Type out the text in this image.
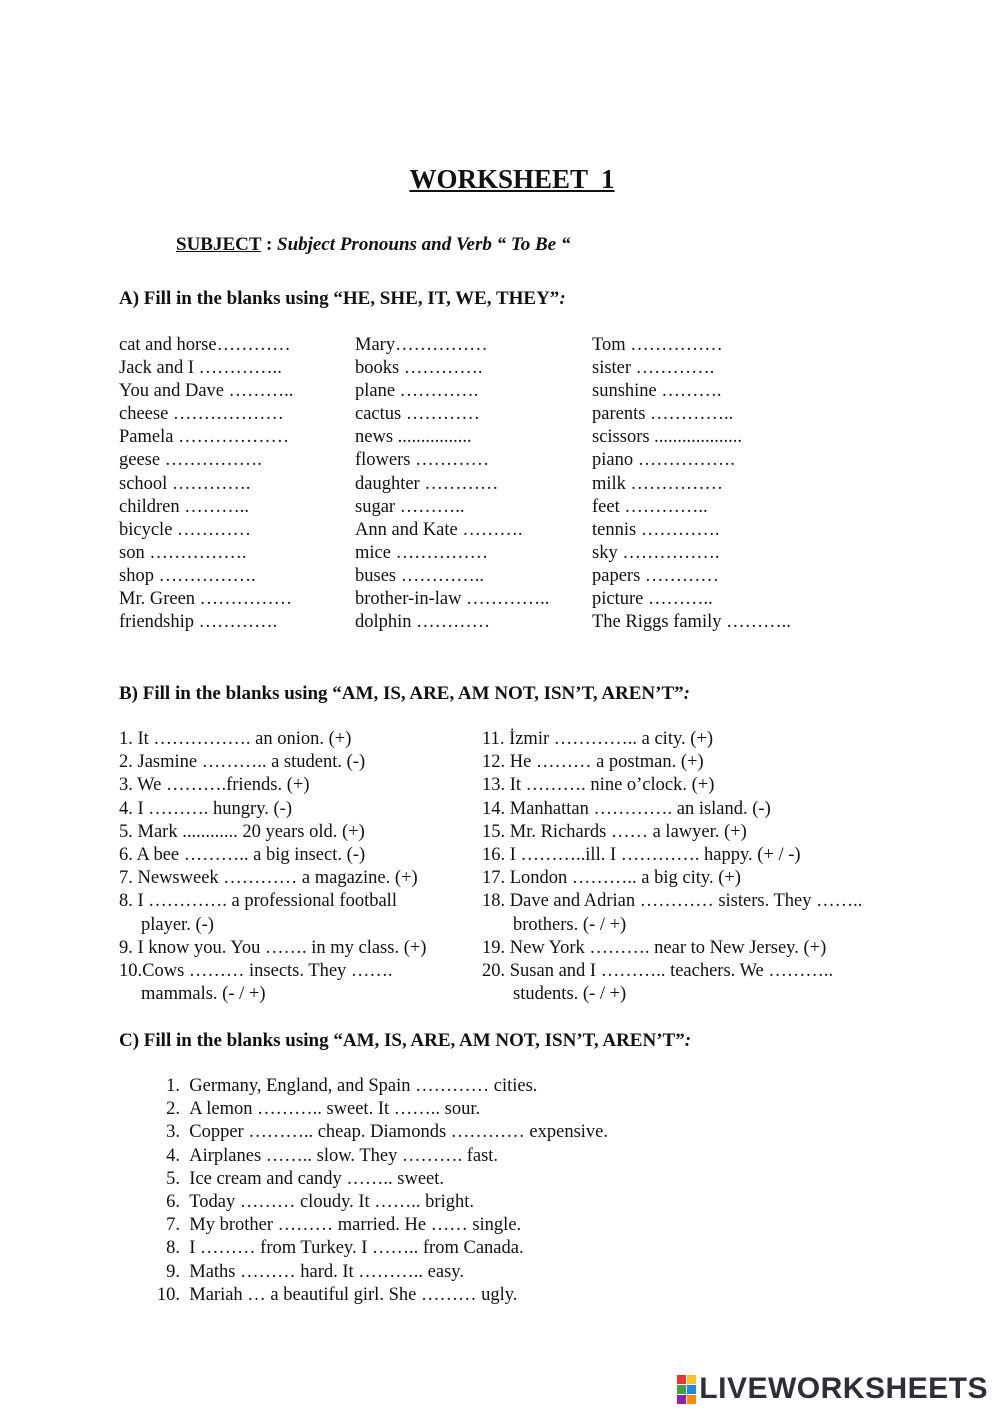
WORKSHEET  1
SUBJECT : Subject Pronouns and Verb “ To Be “
A) Fill in the blanks using “HE, SHE, IT, WE, THEY”:
cat and horse…………
Jack and I …………..
You and Dave ………..
cheese ………………
Pamela ………………
geese …………….
school ………….
children ………..
bicycle …………
son …………….
shop …………….
Mr. Green ……………
friendship ………….
Mary……………
books ………….
plane ………….
cactus …………
news ................
flowers …………
daughter …………
sugar ………..
Ann and Kate ……….
mice ……………
buses …………..
brother-in-law …………..
dolphin …………
Tom ……………
sister ………….
sunshine ……….
parents …………..
scissors ...................
piano …………….
milk ……………
feet …………..
tennis ………….
sky …………….
papers …………
picture ………..
The Riggs family ………..
B) Fill in the blanks using “AM, IS, ARE, AM NOT, ISN’T, AREN’T”:
1. It ……………. an onion. (+)
2. Jasmine ……….. a student. (-)
3. We ……….friends. (+)
4. I ………. hungry. (-)
5. Mark ............ 20 years old. (+)
6. A bee ……….. a big insect. (-)
7. Newsweek ………… a magazine. (+)
8. I …………. a professional football
player. (-)
9. I know you. You ……. in my class. (+)
10.Cows ……… insects. They …….
mammals. (- / +)
11. İzmir ………….. a city. (+)
12. He ……… a postman. (+)
13. It ………. nine o’clock. (+)
14. Manhattan …………. an island. (-)
15. Mr. Richards …… a lawyer. (+)
16. I ………..ill. I …………. happy. (+ / -)
17. London ……….. a big city. (+)
18. Dave and Adrian ………… sisters. They ……..
brothers. (- / +)
19. New York ………. near to New Jersey. (+)
20. Susan and I ……….. teachers. We ………..
students. (- / +)
C) Fill in the blanks using “AM, IS, ARE, AM NOT, ISN’T, AREN’T”:
1. Germany, England, and Spain ………… cities.
2. A lemon ……….. sweet. It …….. sour.
3. Copper ……….. cheap. Diamonds ………… expensive.
4. Airplanes …….. slow. They ………. fast.
5. Ice cream and candy …….. sweet.
6. Today ……… cloudy. It …….. bright.
7. My brother ……… married. He …… single.
8. I ……… from Turkey. I …….. from Canada.
9. Maths ……… hard. It ……….. easy.
10. Mariah … a beautiful girl. She ……… ugly.
LIVEWORKSHEETS
